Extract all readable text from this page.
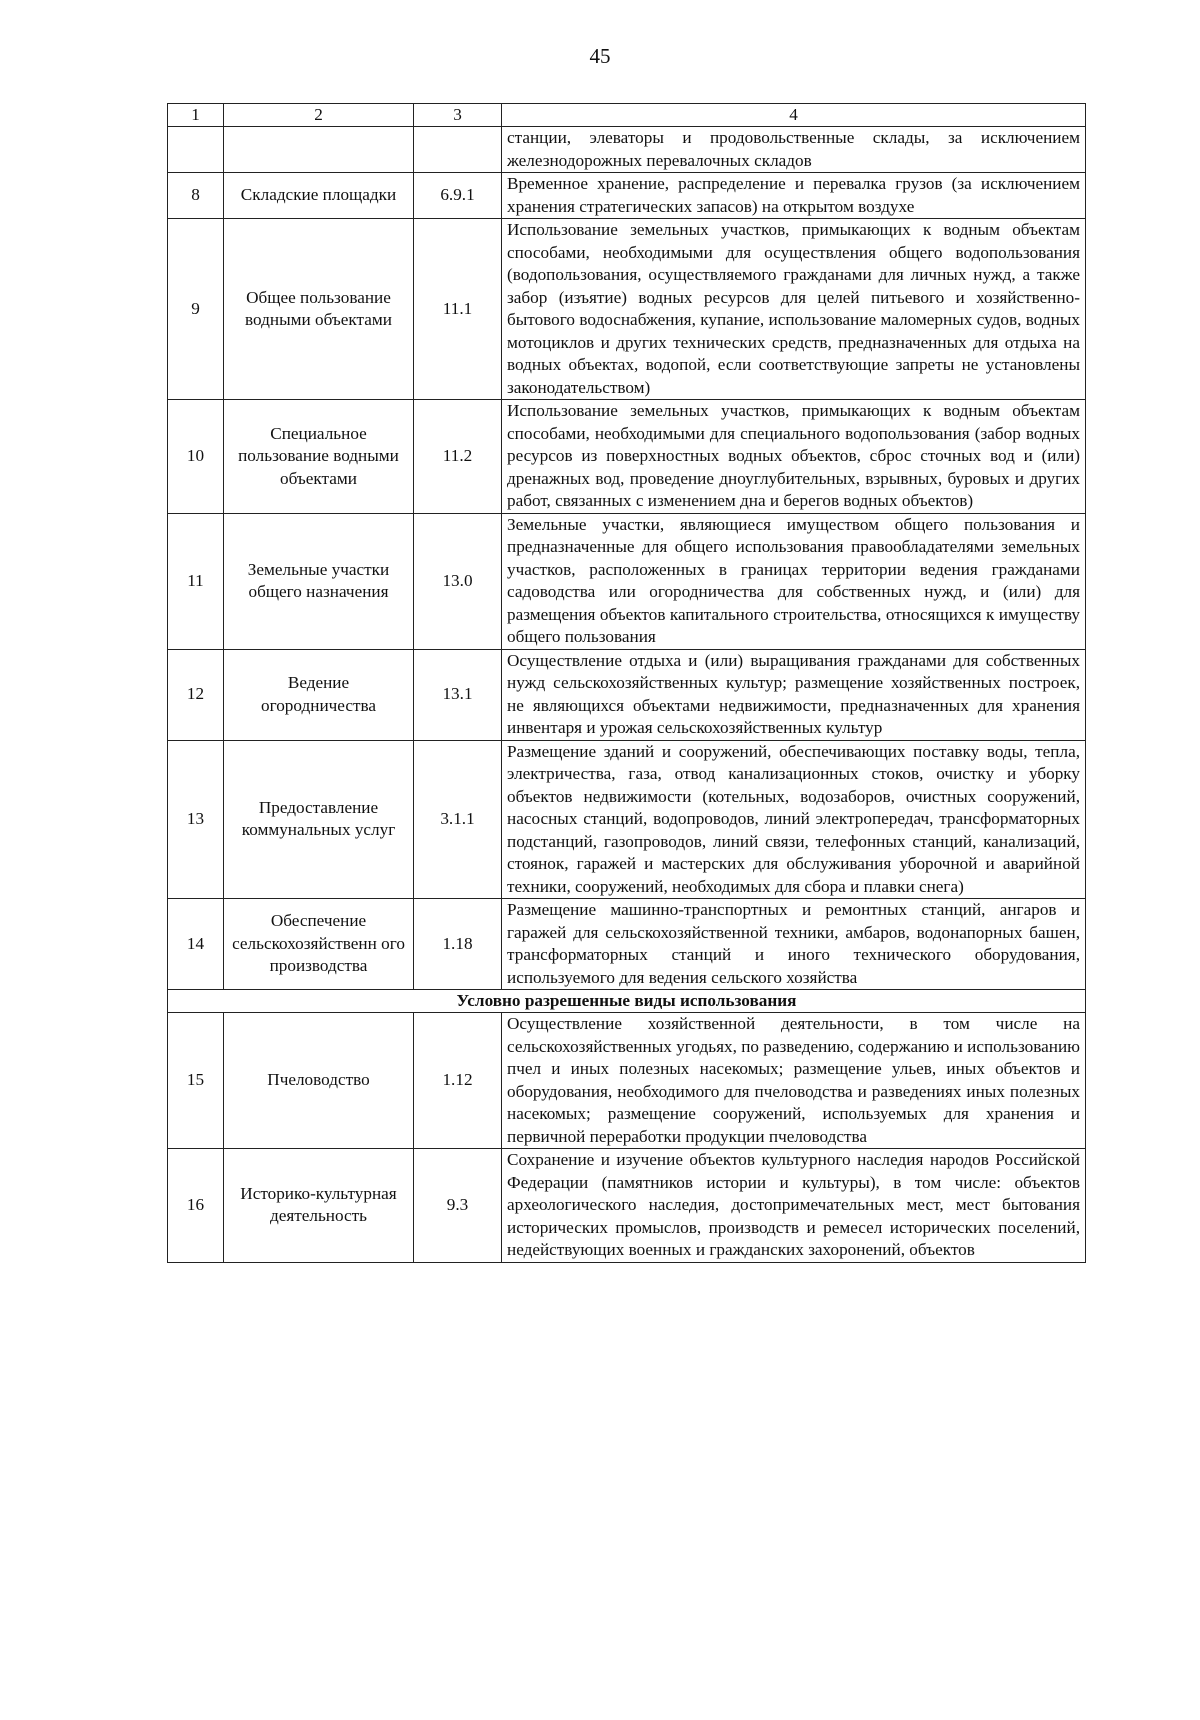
45
1	2	3	4
			станции, элеваторы и продовольственные склады, за исключением железнодорожных перевалочных складов
8	Складские площадки	6.9.1	Временное хранение, распределение и перевалка грузов (за исключением хранения стратегических запасов) на открытом воздухе
9	Общее пользование водными объектами	11.1	Использование земельных участков, примыкающих к водным объектам способами, необходимыми для осуществления общего водопользования (водопользования, осуществляемого гражданами для личных нужд, а также забор (изъятие) водных ресурсов для целей питьевого и хозяйственно-бытового водоснабжения, купание, использование маломерных судов, водных мотоциклов и других технических средств, предназначенных для отдыха на водных объектах, водопой, если соответствующие запреты не установлены законодательством)
10	Специальное пользование водными объектами	11.2	Использование земельных участков, примыкающих к водным объектам способами, необходимыми для специального водопользования (забор водных ресурсов из поверхностных водных объектов, сброс сточных вод и (или) дренажных вод, проведение дноуглубительных, взрывных, буровых и других работ, связанных с изменением дна и берегов водных объектов)
11	Земельные участки общего назначения	13.0	Земельные участки, являющиеся имуществом общего пользования и предназначенные для общего использования правообладателями земельных участков, расположенных в границах территории ведения гражданами садоводства или огородничества для собственных нужд, и (или) для размещения объектов капитального строительства, относящихся к имуществу общего пользования
12	Ведение огородничества	13.1	Осуществление отдыха и (или) выращивания гражданами для собственных нужд сельскохозяйственных культур; размещение хозяйственных построек, не являющихся объектами недвижимости, предназначенных для хранения инвентаря и урожая сельскохозяйственных культур
13	Предоставление коммунальных услуг	3.1.1	Размещение зданий и сооружений, обеспечивающих поставку воды, тепла, электричества, газа, отвод канализационных стоков, очистку и уборку объектов недвижимости (котельных, водозаборов, очистных сооружений, насосных станций, водопроводов, линий электропередач, трансформаторных подстанций, газопроводов, линий связи, телефонных станций, канализаций, стоянок, гаражей и мастерских для обслуживания уборочной и аварийной техники, сооружений, необходимых для сбора и плавки снега)
14	Обеспечение сельскохозяйственн ого производства	1.18	Размещение машинно-транспортных и ремонтных станций, ангаров и гаражей для сельскохозяйственной техники, амбаров, водонапорных башен, трансформаторных станций и иного технического оборудования, используемого для ведения сельского хозяйства
Условно разрешенные виды использования			
15	Пчеловодство	1.12	Осуществление хозяйственной деятельности, в том числе на сельскохозяйственных угодьях, по разведению, содержанию и использованию пчел и иных полезных насекомых; размещение ульев, иных объектов и оборудования, необходимого для пчеловодства и разведениях иных полезных насекомых; размещение сооружений, используемых для хранения и первичной переработки продукции пчеловодства
16	Историко-культурная деятельность	9.3	Сохранение и изучение объектов культурного наследия народов Российской Федерации (памятников истории и культуры), в том числе: объектов археологического наследия, достопримечательных мест, мест бытования исторических промыслов, производств и ремесел исторических поселений, недействующих военных и гражданских захоронений, объектов
